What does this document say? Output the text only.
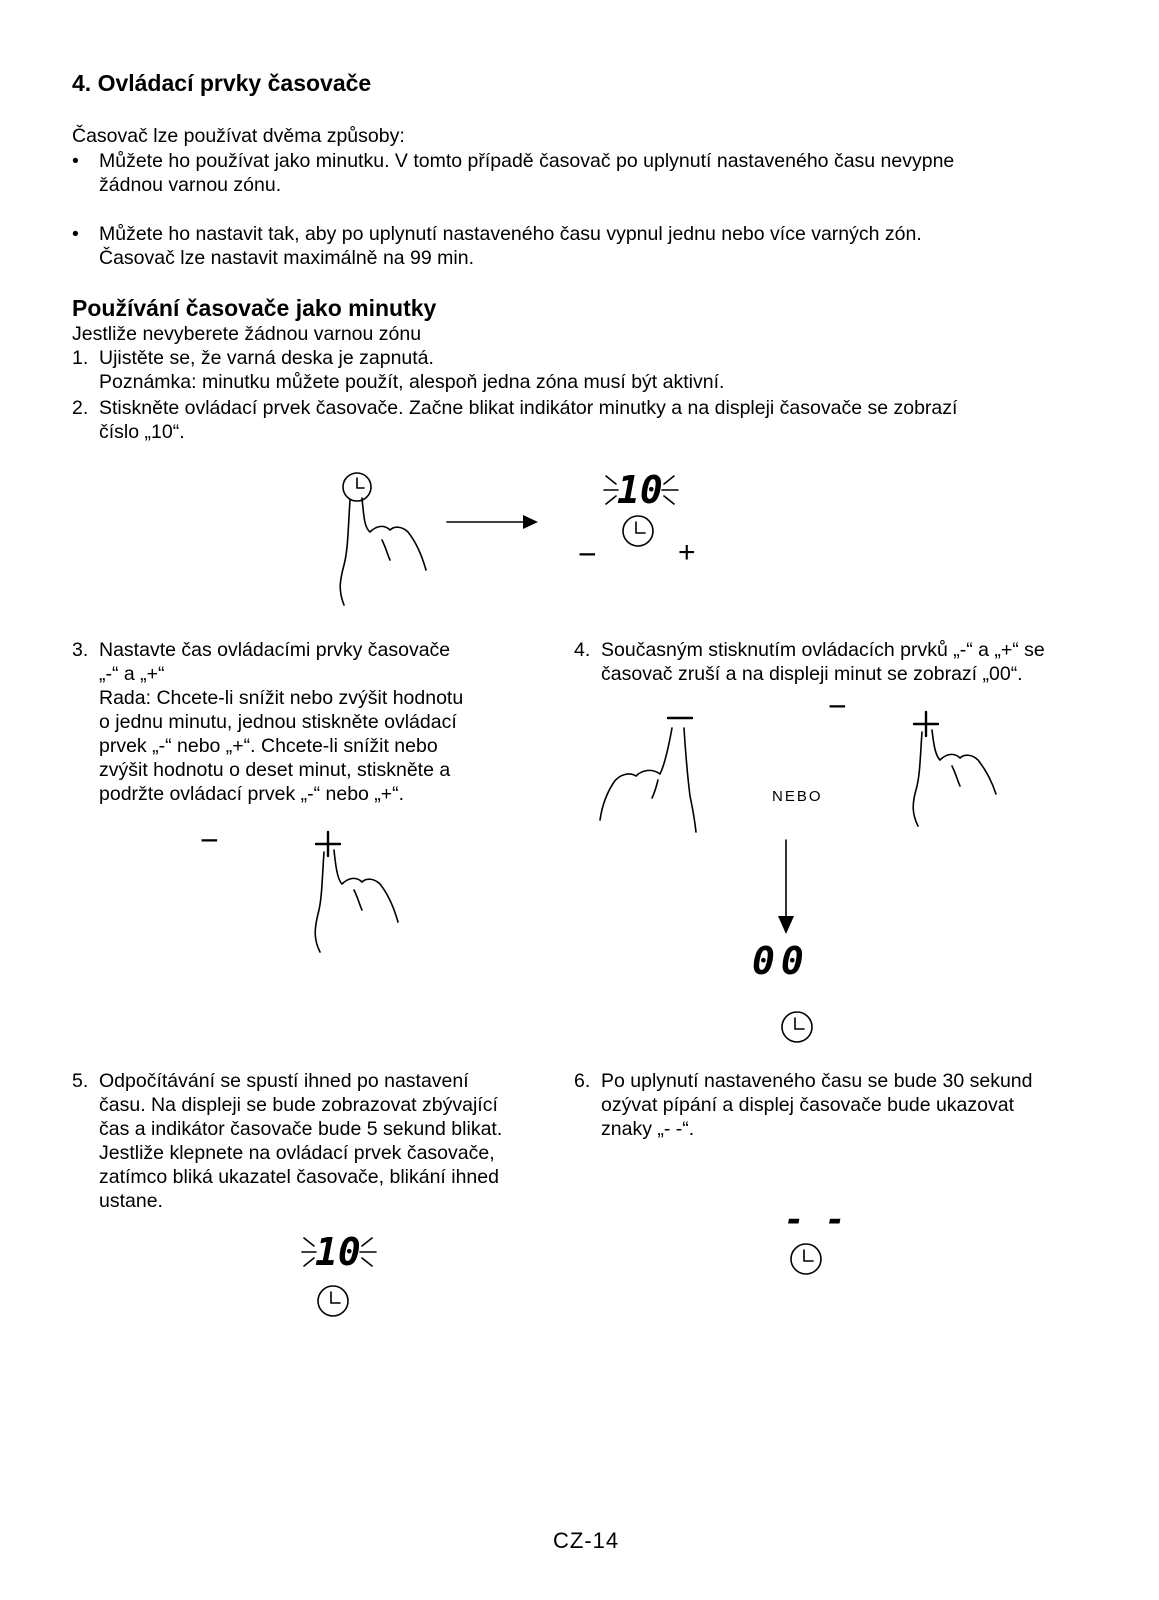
4. Ovládací prvky časovače
Časovač lze používat dvěma způsoby:
• Můžete ho používat jako minutku. V tomto případě časovač po uplynutí nastaveného času nevypne
žádnou varnou zónu.
• Můžete ho nastavit tak, aby po uplynutí nastaveného času vypnul jednu nebo více varných zón.
Časovač lze nastavit maximálně na 99 min.
Používání časovače jako minutky
Jestliže nevyberete žádnou varnou zónu
1. Ujistěte se, že varná deska je zapnutá.
Poznámka: minutku můžete použít, alespoň jedna zóna musí být aktivní.
2. Stiskněte ovládací prvek časovače. Začne blikat indikátor minutky a na displeji časovače se zobrazí
číslo „10“.
10
−	+
3. Nastavte čas ovládacími prvky časovače
„-“ a „+“
Rada: Chcete-li snížit nebo zvýšit hodnotu
o jednu minutu, jednou stiskněte ovládací
prvek „-“ nebo „+“. Chcete-li snížit nebo
zvýšit hodnotu o deset minut, stiskněte a
podržte ovládací prvek „-“ nebo „+“.
−
4. Současným stisknutím ovládacích prvků „-“ a „+“ se
časovač zruší a na displeji minut se zobrazí „00“.
NEBO
−
00
5. Odpočítávání se spustí ihned po nastavení
času. Na displeji se bude zobrazovat zbývající
čas a indikátor časovače bude 5 sekund blikat.
Jestliže klepnete na ovládací prvek časovače,
zatímco bliká ukazatel časovače, blikání ihned
ustane.
10
6. Po uplynutí nastaveného času se bude 30 sekund
ozývat pípání a displej časovače bude ukazovat
znaky „- -“.
- -
CZ-14
